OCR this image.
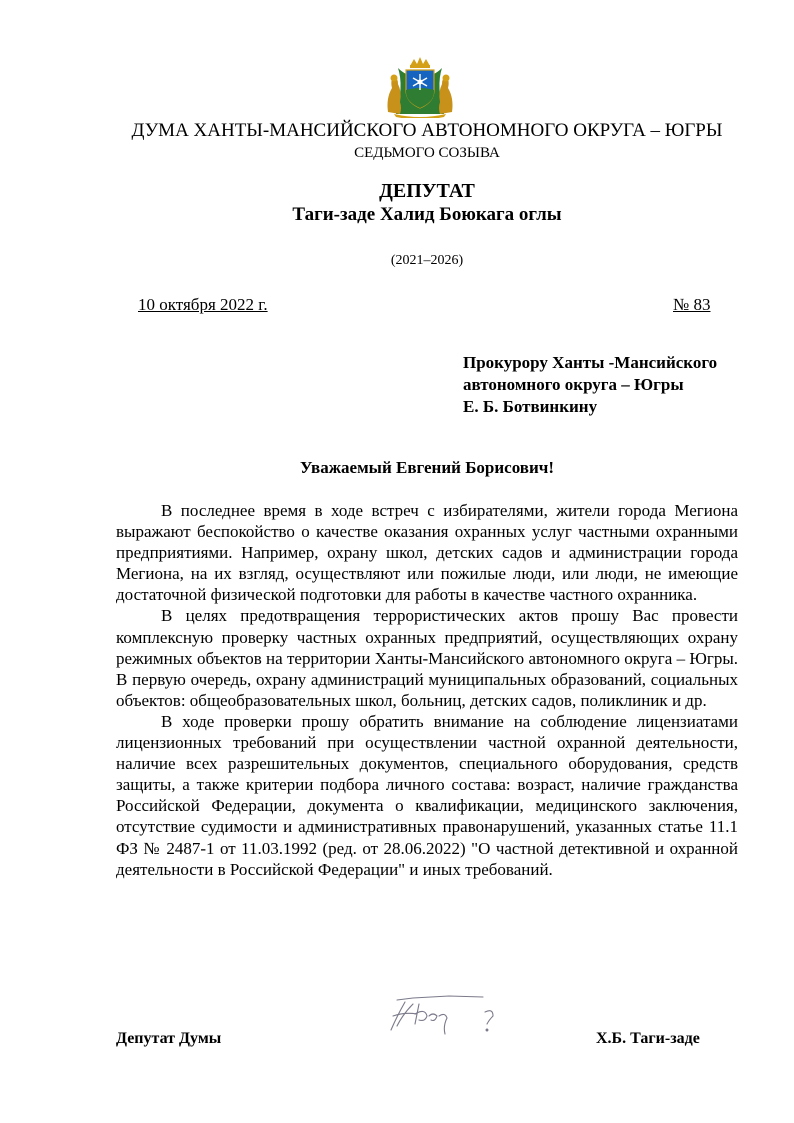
ДУМА ХАНТЫ-МАНСИЙСКОГО АВТОНОМНОГО ОКРУГА – ЮГРЫ
СЕДЬМОГО СОЗЫВА
ДЕПУТАТ
Таги-заде Халид Боюкага оглы
(2021–2026)
10 октября 2022 г.	№ 83
Прокурору Ханты -Мансийского
автономного округа – Югры
Е. Б. Ботвинкину
Уважаемый Евгений Борисович!

В последнее время в ходе встреч с избирателями, жители города Мегиона выражают беспокойство о качестве оказания охранных услуг частными охранными предприятиями. Например, охрану школ, детских садов и администрации города Мегиона, на их взгляд, осуществляют или пожилые люди, или люди, не имеющие достаточной физической подготовки для работы в качестве частного охранника.

В целях предотвращения террористических актов прошу Вас провести комплексную проверку частных охранных предприятий, осуществляющих охрану режимных объектов на территории Ханты-Мансийского автономного округа – Югры. В первую очередь, охрану администраций муниципальных образований, социальных объектов: общеобразовательных школ, больниц, детских садов, поликлиник и др.

В ходе проверки прошу обратить внимание на соблюдение лицензиатами лицензионных требований при осуществлении частной охранной деятельности, наличие всех разрешительных документов, специального оборудования, средств защиты, а также критерии подбора личного состава: возраст, наличие гражданства Российской Федерации, документа о квалификации, медицинского заключения, отсутствие судимости и административных правонарушений, указанных статье 11.1 ФЗ № 2487-1 от 11.03.1992 (ред. от 28.06.2022) "О частной детективной и охранной деятельности в Российской Федерации" и иных требований.

Депутат Думы	Х.Б. Таги-заде
